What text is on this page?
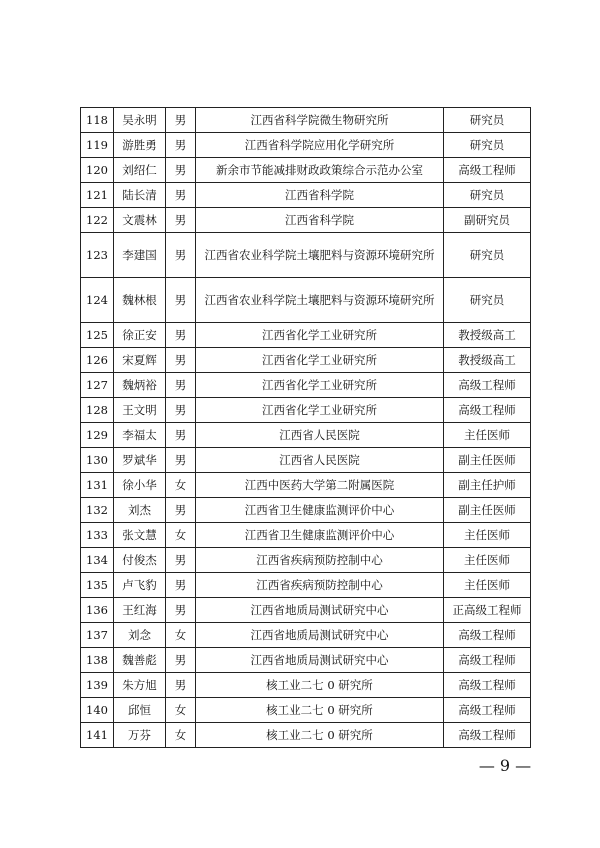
118	吴永明	男	江西省科学院微生物研究所	研究员
119	游胜勇	男	江西省科学院应用化学研究所	研究员
120	刘绍仁	男	新余市节能减排财政政策综合示范办公室	高级工程师
121	陆长清	男	江西省科学院	研究员
122	文震林	男	江西省科学院	副研究员
123	李建国	男	江西省农业科学院土壤肥料与资源环境研究所	研究员
124	魏林根	男	江西省农业科学院土壤肥料与资源环境研究所	研究员
125	徐正安	男	江西省化学工业研究所	教授级高工
126	宋夏辉	男	江西省化学工业研究所	教授级高工
127	魏炳裕	男	江西省化学工业研究所	高级工程师
128	王文明	男	江西省化学工业研究所	高级工程师
129	李福太	男	江西省人民医院	主任医师
130	罗斌华	男	江西省人民医院	副主任医师
131	徐小华	女	江西中医药大学第二附属医院	副主任护师
132	刘杰	男	江西省卫生健康监测评价中心	副主任医师
133	张文慧	女	江西省卫生健康监测评价中心	主任医师
134	付俊杰	男	江西省疾病预防控制中心	主任医师
135	卢飞豹	男	江西省疾病预防控制中心	主任医师
136	王红海	男	江西省地质局测试研究中心	正高级工程师
137	刘念	女	江西省地质局测试研究中心	高级工程师
138	魏善彪	男	江西省地质局测试研究中心	高级工程师
139	朱方旭	男	核工业二七 0 研究所	高级工程师
140	邱恒	女	核工业二七 0 研究所	高级工程师
141	万芬	女	核工业二七 0 研究所	高级工程师
— 9 —
